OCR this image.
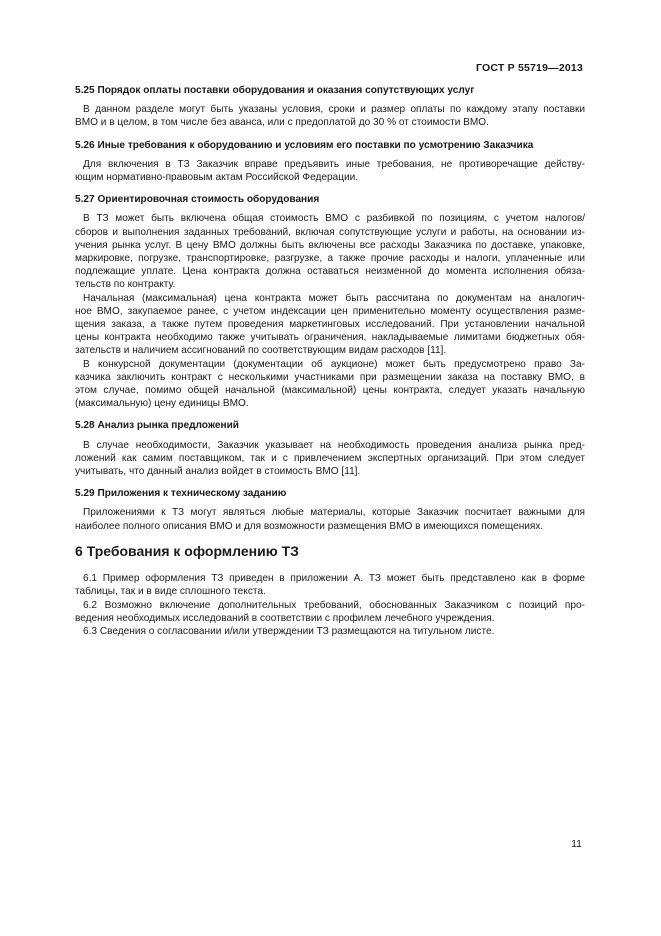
ГОСТ Р 55719—2013

5.25 Порядок оплаты поставки оборудования и оказания сопутствующих услуг

В данном разделе могут быть указаны условия, сроки и размер оплаты по каждому этапу поставки
ВМО и в целом, в том числе без аванса, или с предоплатой до 30 % от стоимости ВМО.

5.26 Иные требования к оборудованию и условиям его поставки по усмотрению Заказчика

Для включения в ТЗ Заказчик вправе предъявить иные требования, не противоречащие действу-
ющим нормативно-правовым актам Российской Федерации.

5.27 Ориентировочная стоимость оборудования

В ТЗ может быть включена общая стоимость ВМО с разбивкой по позициям, с учетом налогов/
сборов и выполнения заданных требований, включая сопутствующие услуги и работы, на основании из-
учения рынка услуг. В цену ВМО должны быть включены все расходы Заказчика по доставке, упаковке,
маркировке, погрузке, транспортировке, разгрузке, а также прочие расходы и налоги, уплаченные или
подлежащие уплате. Цена контракта должна оставаться неизменной до момента исполнения обяза-
тельств по контракту.

Начальная (максимальная) цена контракта может быть рассчитана по документам на аналогич-
ное ВМО, закупаемое ранее, с учетом индексации цен применительно моменту осуществления разме-
щения заказа, а также путем проведения маркетинговых исследований. При установлении начальной
цены контракта необходимо также учитывать ограничения, накладываемые лимитами бюджетных обя-
зательств и наличием ассигнований по соответствующим видам расходов [11].

В конкурсной документации (документации об аукционе) может быть предусмотрено право За-
казчика заключить контракт с несколькими участниками при размещении заказа на поставку ВМО, в
этом случае, помимо общей начальной (максимальной) цены контракта, следует указать начальную
(максимальную) цену единицы ВМО.

5.28 Анализ рынка предложений

В случае необходимости, Заказчик указывает на необходимость проведения анализа рынка пред-
ложений как самим поставщиком, так и с привлечением экспертных организаций. При этом следует
учитывать, что данный анализ войдет в стоимость ВМО [11].

5.29 Приложения к техническому заданию

Приложениями к ТЗ могут являться любые материалы, которые Заказчик посчитает важными для
наиболее полного описания ВМО и для возможности размещения ВМО в имеющихся помещениях.

6 Требования к оформлению ТЗ

6.1 Пример оформления ТЗ приведен в приложении А. ТЗ может быть представлено как в форме
таблицы, так и в виде сплошного текста.

6.2 Возможно включение дополнительных требований, обоснованных Заказчиком с позиций про-
ведения необходимых исследований в соответствии с профилем лечебного учреждения.

6.3 Сведения о согласовании и/или утверждении ТЗ размещаются на титульном листе.

11
